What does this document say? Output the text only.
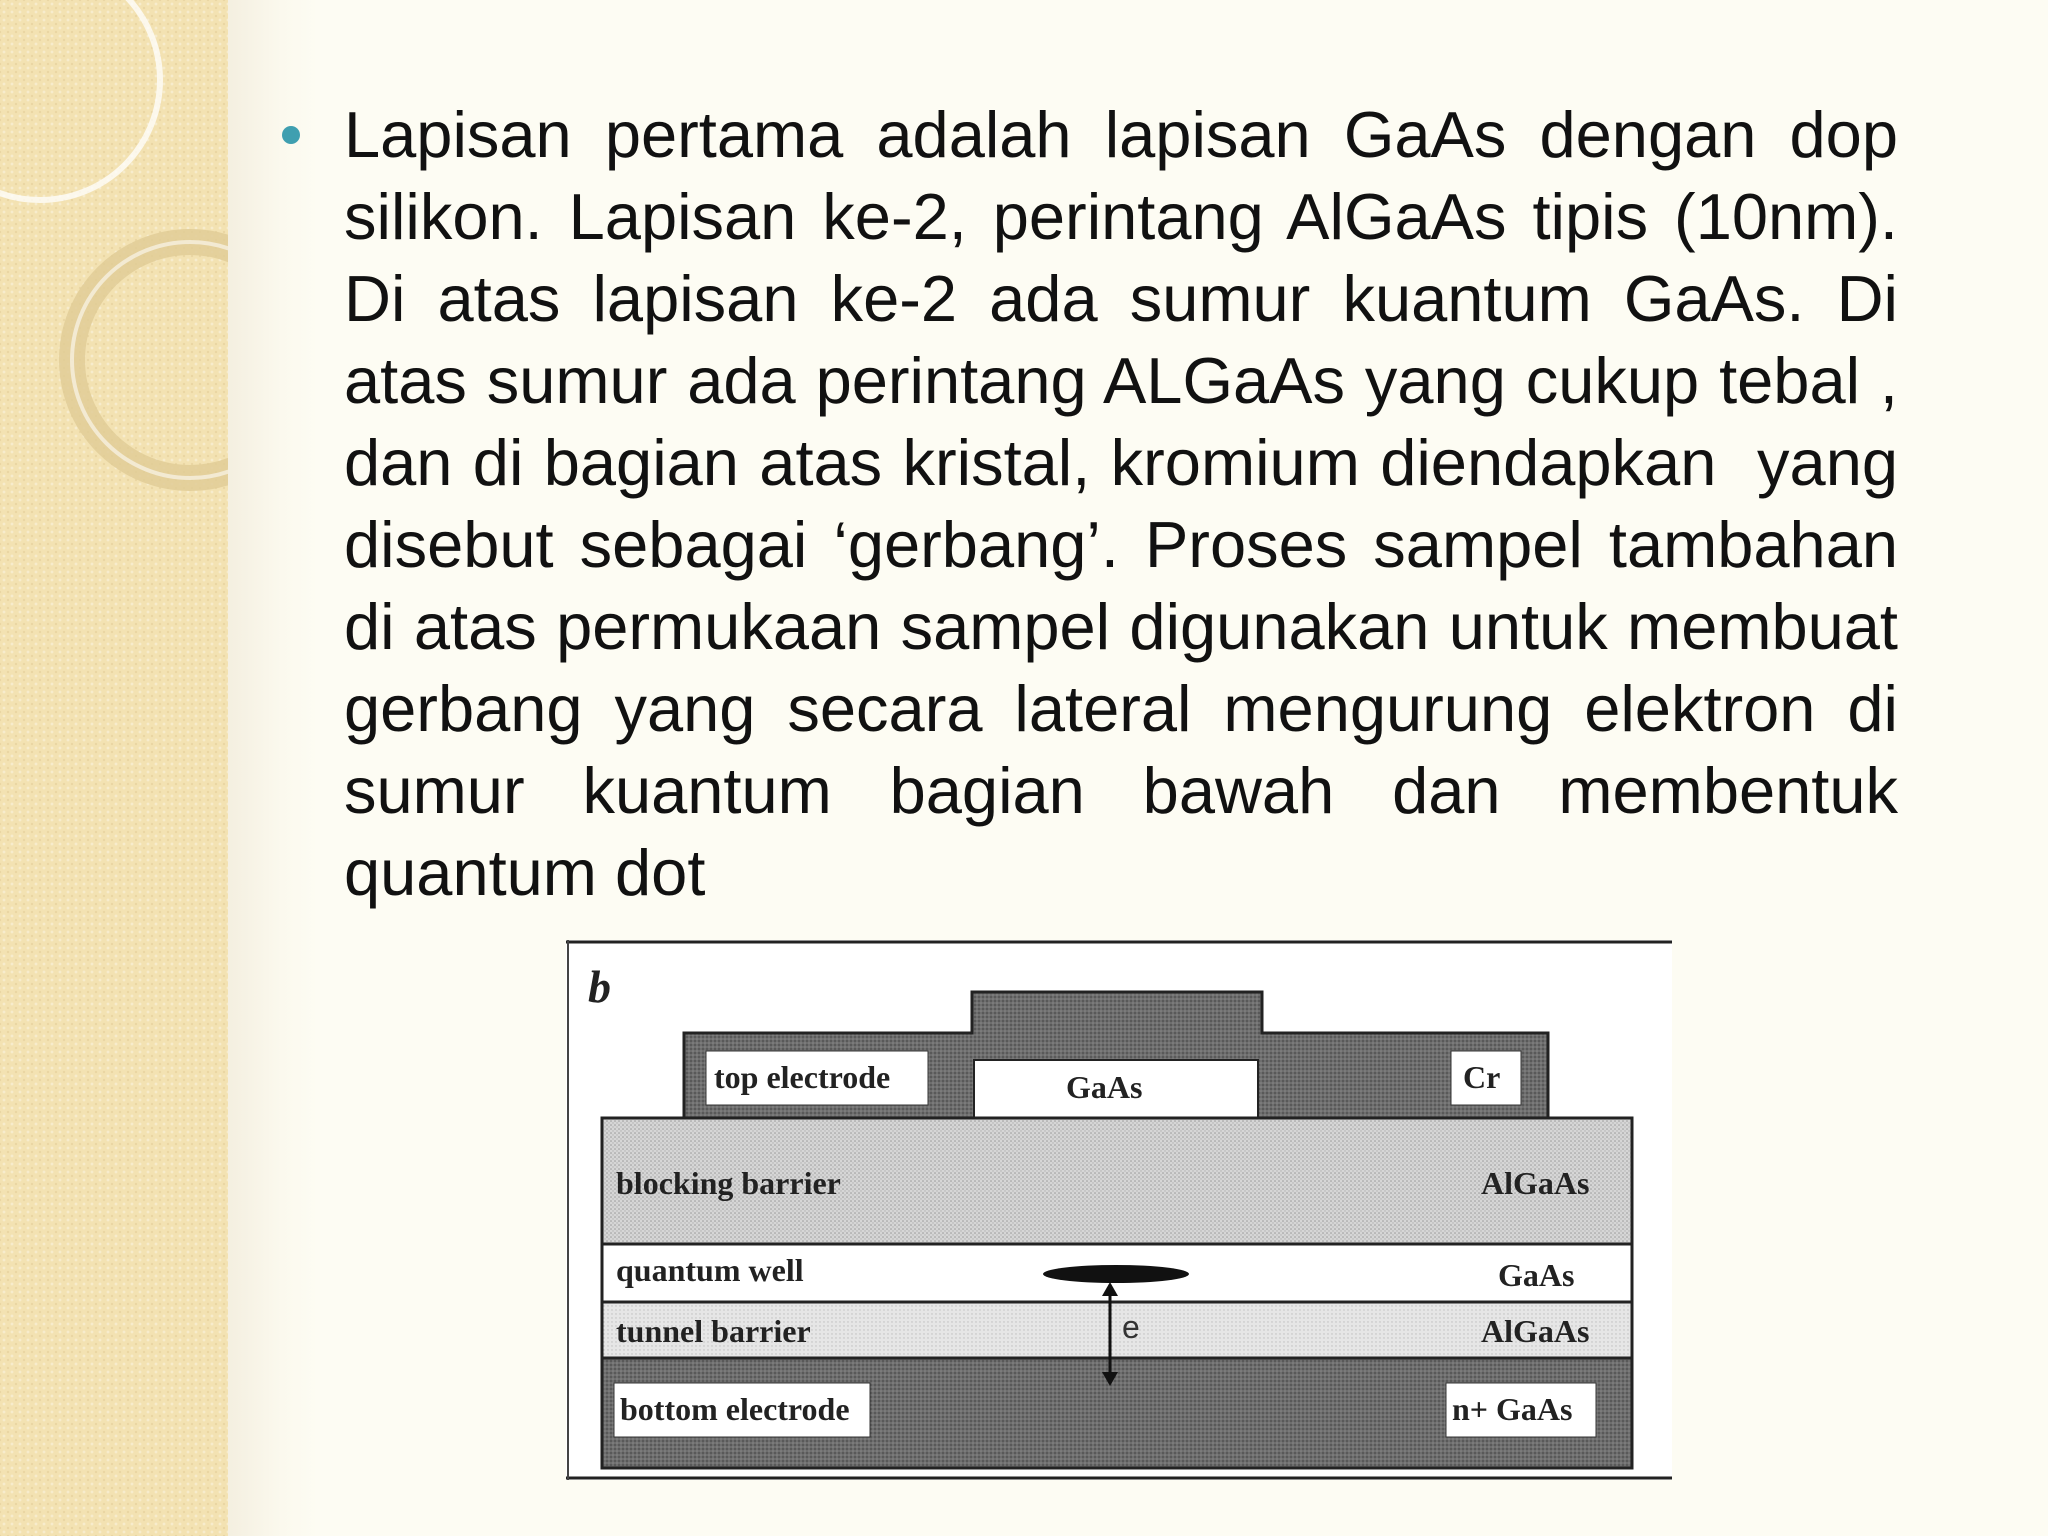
Lapisan pertama adalah lapisan GaAs dengan dop silikon. Lapisan ke-2, perintang AlGaAs tipis (10nm). Di atas lapisan ke-2 ada sumur kuantum GaAs. Di atas sumur ada perintang ALGaAs yang cukup tebal , dan di bagian atas kristal, kromium diendapkan  yang disebut sebagai ‘gerbang’. Proses sampel tambahan di atas permukaan sampel digunakan untuk membuat gerbang yang secara lateral mengurung elektron di sumur kuantum bagian bawah dan membentuk quantum dot
b
top electrode	GaAs	Cr
blocking barrier	AlGaAs
quantum well	GaAs
tunnel barrier	AlGaAs
bottom electrode	n+ GaAs
e
